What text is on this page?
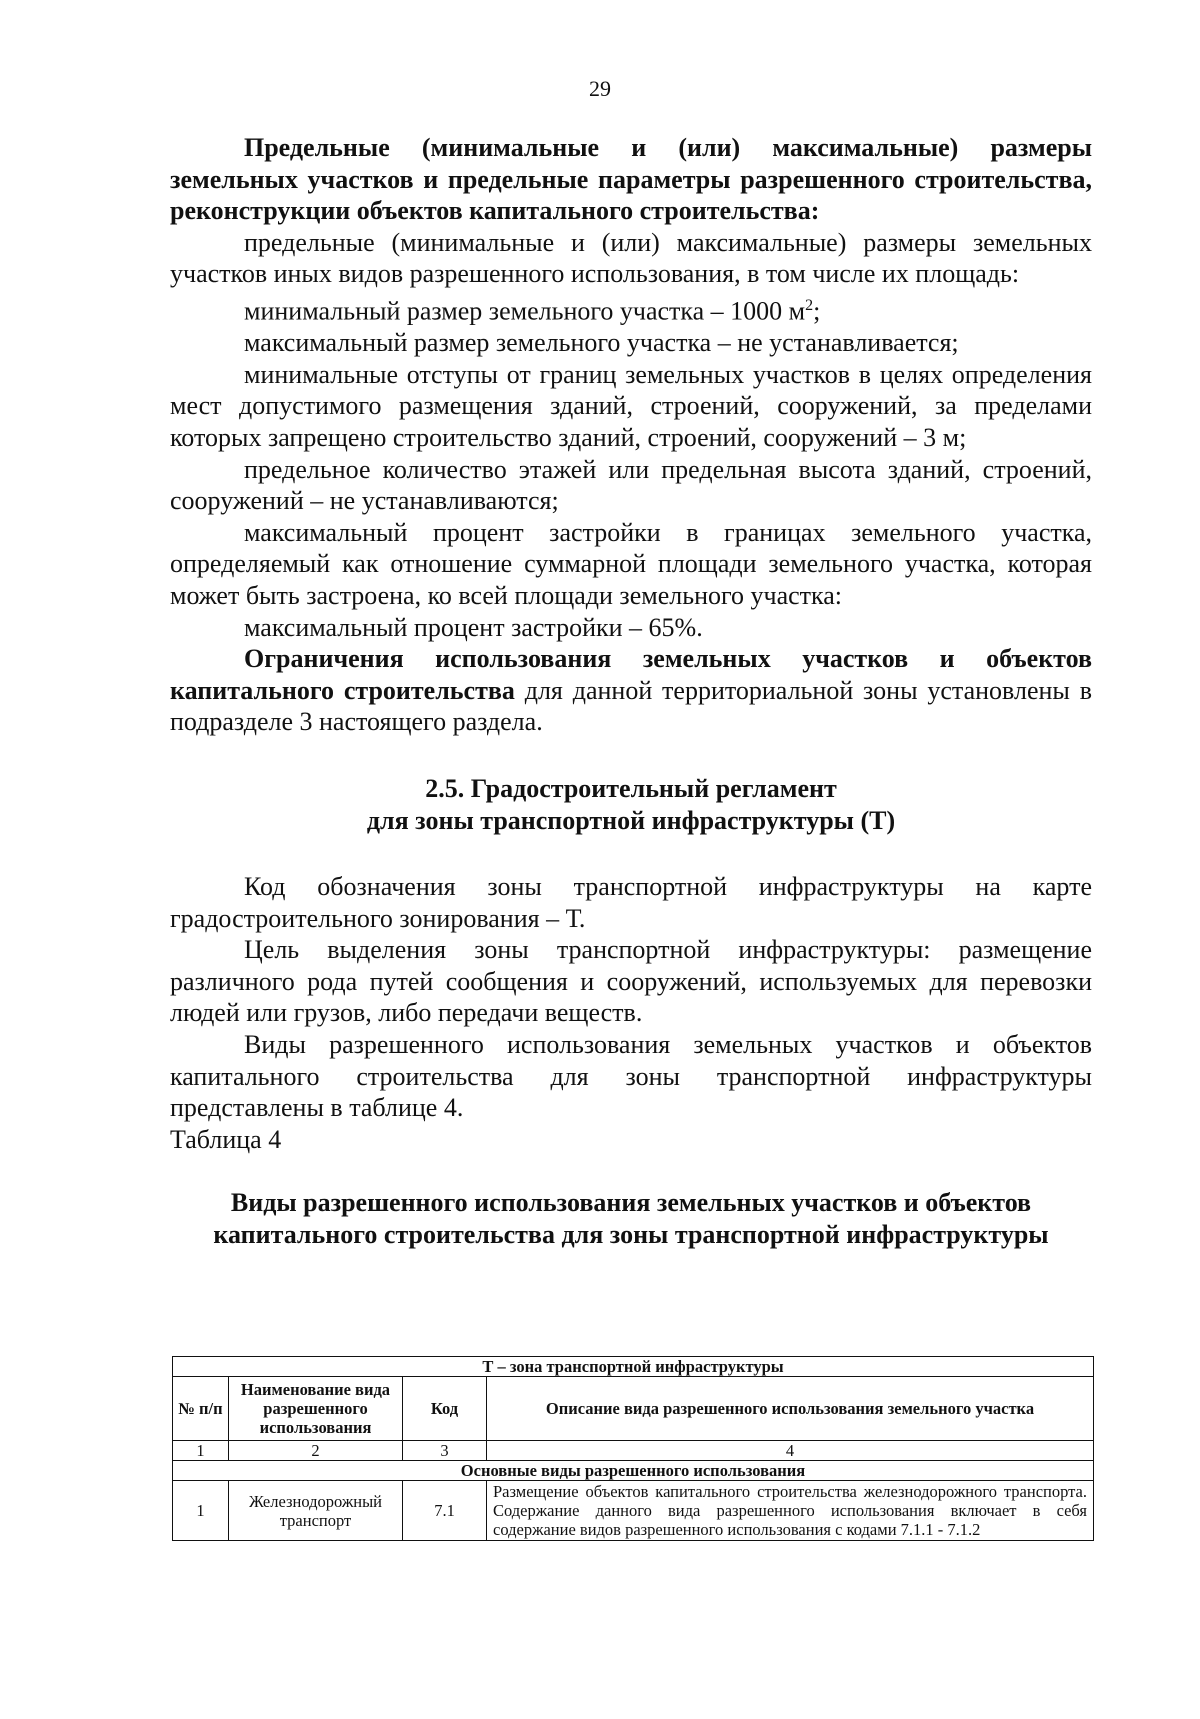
29

Предельные (минимальные и (или) максимальные) размеры земельных участков и предельные параметры разрешенного строительства, реконструкции объектов капитального строительства:

предельные (минимальные и (или) максимальные) размеры земельных участков иных видов разрешенного использования, в том числе их площадь:

минимальный размер земельного участка – 1000 $м^2$;

максимальный размер земельного участка – не устанавливается;

минимальные отступы от границ земельных участков в целях определения мест допустимого размещения зданий, строений, сооружений, за пределами которых запрещено строительство зданий, строений, сооружений – 3 м;

предельное количество этажей или предельная высота зданий, строений, сооружений – не устанавливаются;

максимальный процент застройки в границах земельного участка, определяемый как отношение суммарной площади земельного участка, которая может быть застроена, ко всей площади земельного участка:

максимальный процент застройки – 65%.

Ограничения использования земельных участков и объектов капитального строительства для данной территориальной зоны установлены в подразделе 3 настоящего раздела.

2.5. Градостроительный регламент
для зоны транспортной инфраструктуры (Т)

Код обозначения зоны транспортной инфраструктуры на карте градостроительного зонирования – Т.

Цель выделения зоны транспортной инфраструктуры: размещение различного рода путей сообщения и сооружений, используемых для перевозки людей или грузов, либо передачи веществ.

Виды разрешенного использования земельных участков и объектов капитального строительства для зоны транспортной инфраструктуры представлены в таблице 4.

Таблица 4

Виды разрешенного использования земельных участков и объектов
капитального строительства для зоны транспортной инфраструктуры
Т – зона транспортной инфраструктуры			
№ п/п	Наименование вида разрешенного использования	Код	Описание вида разрешенного использования земельного участка
1	2	3	4
Основные виды разрешенного использования			
1	Железнодорожный транспорт	7.1	Размещение объектов капитального строительства железнодорожного транспорта. Содержание данного вида разрешенного использования включает в себя содержание видов разрешенного использования с кодами 7.1.1 - 7.1.2
